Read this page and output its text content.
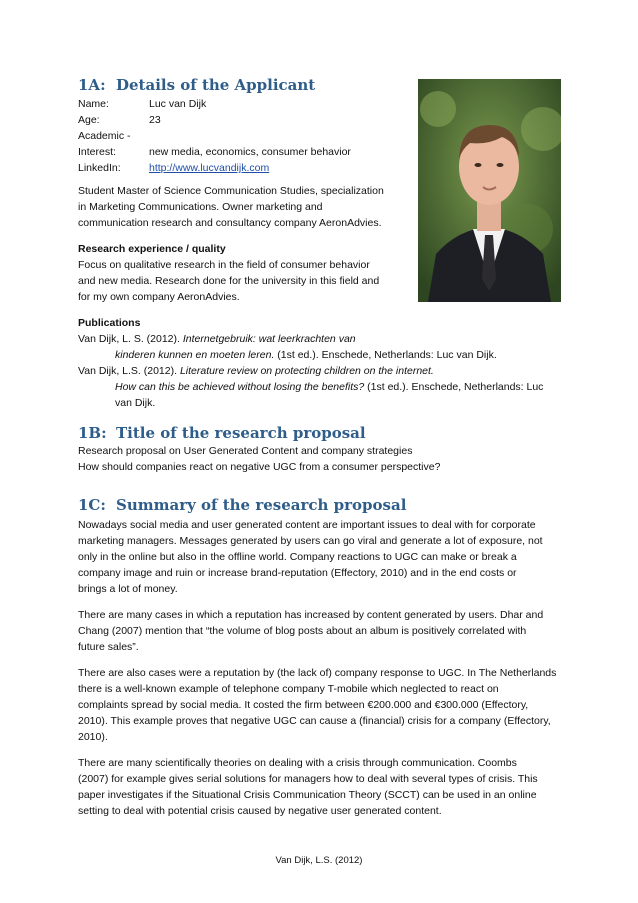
1A: Details of the Applicant
Name:	Luc van Dijk
Age:	23
Academic -
Interest:	new media, economics, consumer behavior
LinkedIn:	http://www.lucvandijk.com
Student Master of Science Communication Studies, specialization
in Marketing Communications. Owner marketing and
communication research and consultancy company AeronAdvies.
Research experience / quality
Focus on qualitative research in the field of consumer behavior
and new media. Research done for the university in this field and
for my own company AeronAdvies.
Publications
Van Dijk, L. S. (2012). Internetgebruik: wat leerkrachten van
kinderen kunnen en moeten leren. (1st ed.). Enschede, Netherlands: Luc van Dijk.
Van Dijk, L.S. (2012). Literature review on protecting children on the internet.
How can this be achieved without losing the benefits? (1st ed.). Enschede, Netherlands: Luc
van Dijk.
1B: Title of the research proposal
Research proposal on User Generated Content and company strategies
How should companies react on negative UGC from a consumer perspective?
1C: Summary of the research proposal
Nowadays social media and user generated content are important issues to deal with for corporate
marketing managers. Messages generated by users can go viral and generate a lot of exposure, not
only in the online but also in the offline world. Company reactions to UGC can make or break a
company image and ruin or increase brand-reputation (Effectory, 2010) and in the end costs or
brings a lot of money.
There are many cases in which a reputation has increased by content generated by users. Dhar and
Chang (2007) mention that “the volume of blog posts about an album is positively correlated with
future sales”.
There are also cases were a reputation by (the lack of) company response to UGC. In The Netherlands
there is a well-known example of telephone company T-mobile which neglected to react on
complaints spread by social media. It costed the firm between €200.000 and €300.000 (Effectory,
2010). This example proves that negative UGC can cause a (financial) crisis for a company (Effectory,
2010).
There are many scientifically theories on dealing with a crisis through communication. Coombs
(2007) for example gives serial solutions for managers how to deal with several types of crisis. This
paper investigates if the Situational Crisis Communication Theory (SCCT) can be used in an online
setting to deal with potential crisis caused by negative user generated content.
Van Dijk, L.S. (2012)
